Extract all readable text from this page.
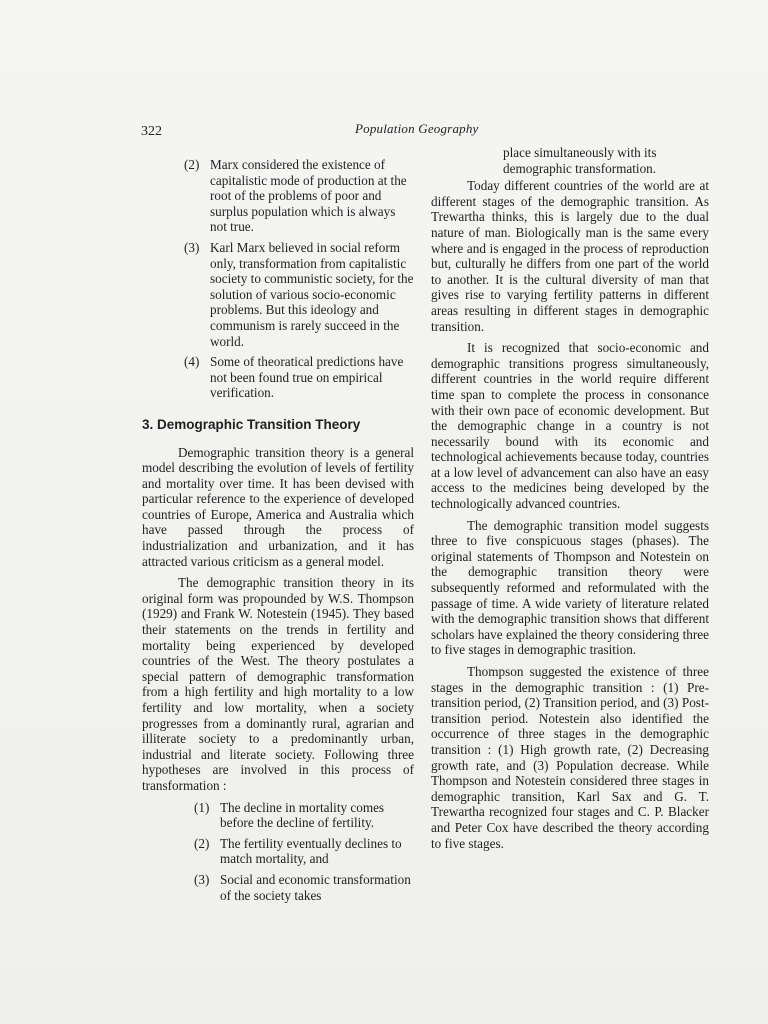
322	Population Geography
(2) Marx considered the existence of capitalistic mode of production at the root of the problems of poor and surplus population which is always not true.
(3) Karl Marx believed in social reform only, transformation from capitalistic society to communistic society, for the solution of various socio-economic problems. But this ideology and communism is rarely succeed in the world.
(4) Some of theoratical predictions have not been found true on empirical verification.
3. Demographic Transition Theory

Demographic transition theory is a general model describing the evolution of levels of fertility and mortality over time. It has been devised with particular reference to the experience of developed countries of Europe, America and Australia which have passed through the process of industrialization and urbanization, and it has attracted various criticism as a general model.

The demographic transition theory in its original form was propounded by W.S. Thompson (1929) and Frank W. Notestein (1945). They based their statements on the trends in fertility and mortality being experienced by developed countries of the West. The theory postulates a special pattern of demographic transformation from a high fertility and high mortality to a low fertility and low mortality, when a society progresses from a dominantly rural, agrarian and illiterate society to a predominantly urban, industrial and literate society. Following three hypotheses are involved in this process of transformation :

(1) The decline in mortality comes before the decline of fertility.
(2) The fertility eventually declines to match mortality, and
(3) Social and economic transformation of the society takes
place simultaneously with its demographic transformation.

Today different countries of the world are at different stages of the demographic transition. As Trewartha thinks, this is largely due to the dual nature of man. Biologically man is the same every where and is engaged in the process of reproduction but, culturally he differs from one part of the world to another. It is the cultural diversity of man that gives rise to varying fertility patterns in different areas resulting in different stages in demographic transition.

It is recognized that socio-economic and demographic transitions progress simultaneously, different countries in the world require different time span to complete the process in consonance with their own pace of economic development. But the demographic change in a country is not necessarily bound with its economic and technological achievements because today, countries at a low level of advancement can also have an easy access to the medicines being developed by the technologically advanced countries.

The demographic transition model suggests three to five conspicuous stages (phases). The original statements of Thompson and Notestein on the demographic transition theory were subsequently reformed and reformulated with the passage of time. A wide variety of literature related with the demographic transition shows that different scholars have explained the theory considering three to five stages in demographic trasition.

Thompson suggested the existence of three stages in the demographic transition : (1) Pre-transition period, (2) Transition period, and (3) Post-transition period. Notestein also identified the occurrence of three stages in the demographic transition : (1) High growth rate, (2) Decreasing growth rate, and (3) Population decrease. While Thompson and Notestein considered three stages in demographic transition, Karl Sax and G. T. Trewartha recognized four stages and C. P. Blacker and Peter Cox have described the theory according to five stages.
